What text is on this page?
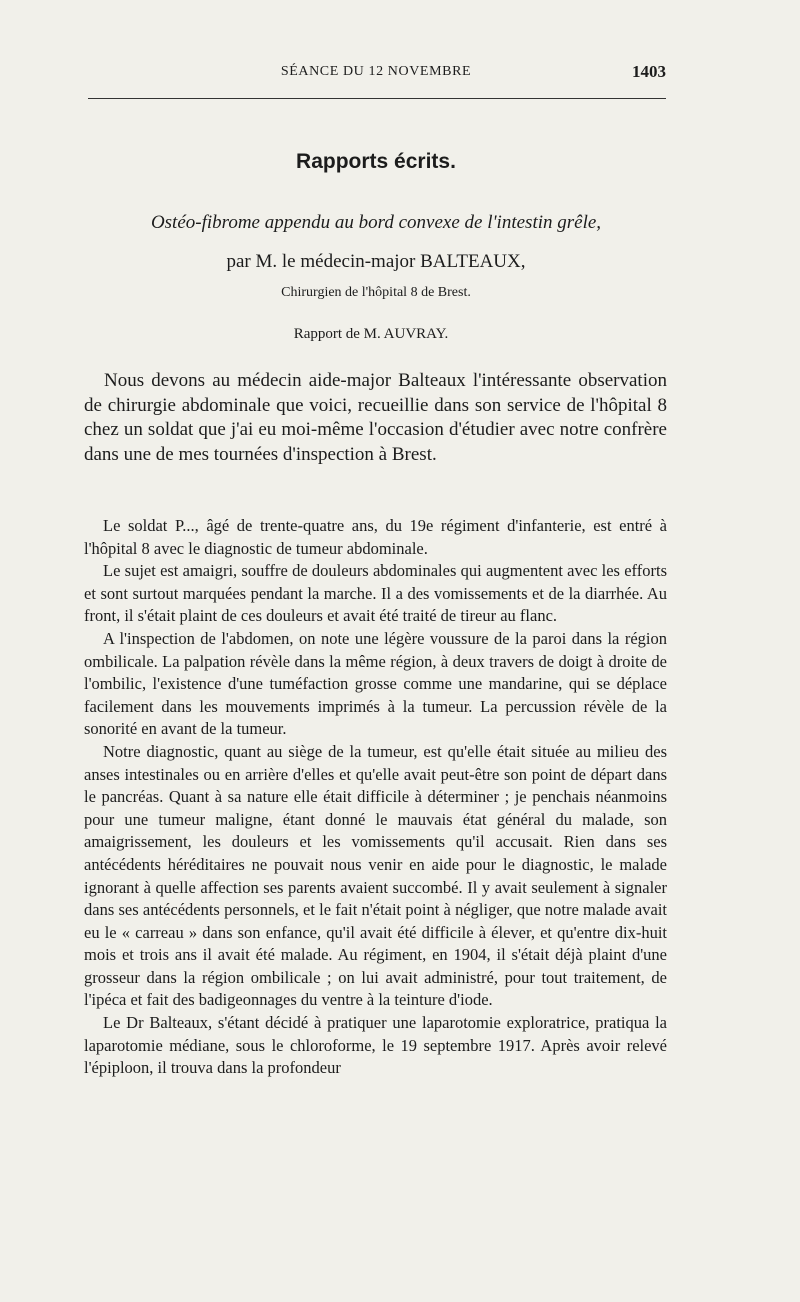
SÉANCE DU 12 NOVEMBRE	1403
Rapports écrits.
Ostéo-fibrome appendu au bord convexe de l'intestin grêle,
par M. le médecin-major BALTEAUX,
Chirurgien de l'hôpital 8 de Brest.
Rapport de M. AUVRAY.

Nous devons au médecin aide-major Balteaux l'intéressante observation de chirurgie abdominale que voici, recueillie dans son service de l'hôpital 8 chez un soldat que j'ai eu moi-même l'occasion d'étudier avec notre confrère dans une de mes tournées d'inspection à Brest.

Le soldat P..., âgé de trente-quatre ans, du 19e régiment d'infanterie, est entré à l'hôpital 8 avec le diagnostic de tumeur abdominale.

Le sujet est amaigri, souffre de douleurs abdominales qui augmentent avec les efforts et sont surtout marquées pendant la marche. Il a des vomissements et de la diarrhée. Au front, il s'était plaint de ces douleurs et avait été traité de tireur au flanc.

A l'inspection de l'abdomen, on note une légère voussure de la paroi dans la région ombilicale. La palpation révèle dans la même région, à deux travers de doigt à droite de l'ombilic, l'existence d'une tuméfaction grosse comme une mandarine, qui se déplace facilement dans les mouvements imprimés à la tumeur. La percussion révèle de la sonorité en avant de la tumeur.

Notre diagnostic, quant au siège de la tumeur, est qu'elle était située au milieu des anses intestinales ou en arrière d'elles et qu'elle avait peut-être son point de départ dans le pancréas. Quant à sa nature elle était difficile à déterminer ; je penchais néanmoins pour une tumeur maligne, étant donné le mauvais état général du malade, son amaigrissement, les douleurs et les vomissements qu'il accusait. Rien dans ses antécédents héréditaires ne pouvait nous venir en aide pour le diagnostic, le malade ignorant à quelle affection ses parents avaient succombé. Il y avait seulement à signaler dans ses antécédents personnels, et le fait n'était point à négliger, que notre malade avait eu le « carreau » dans son enfance, qu'il avait été difficile à élever, et qu'entre dix-huit mois et trois ans il avait été malade. Au régiment, en 1904, il s'était déjà plaint d'une grosseur dans la région ombilicale ; on lui avait administré, pour tout traitement, de l'ipéca et fait des badigeonnages du ventre à la teinture d'iode.

Le Dr Balteaux, s'étant décidé à pratiquer une laparotomie exploratrice, pratiqua la laparotomie médiane, sous le chloroforme, le 19 septembre 1917. Après avoir relevé l'épiploon, il trouva dans la profondeur
